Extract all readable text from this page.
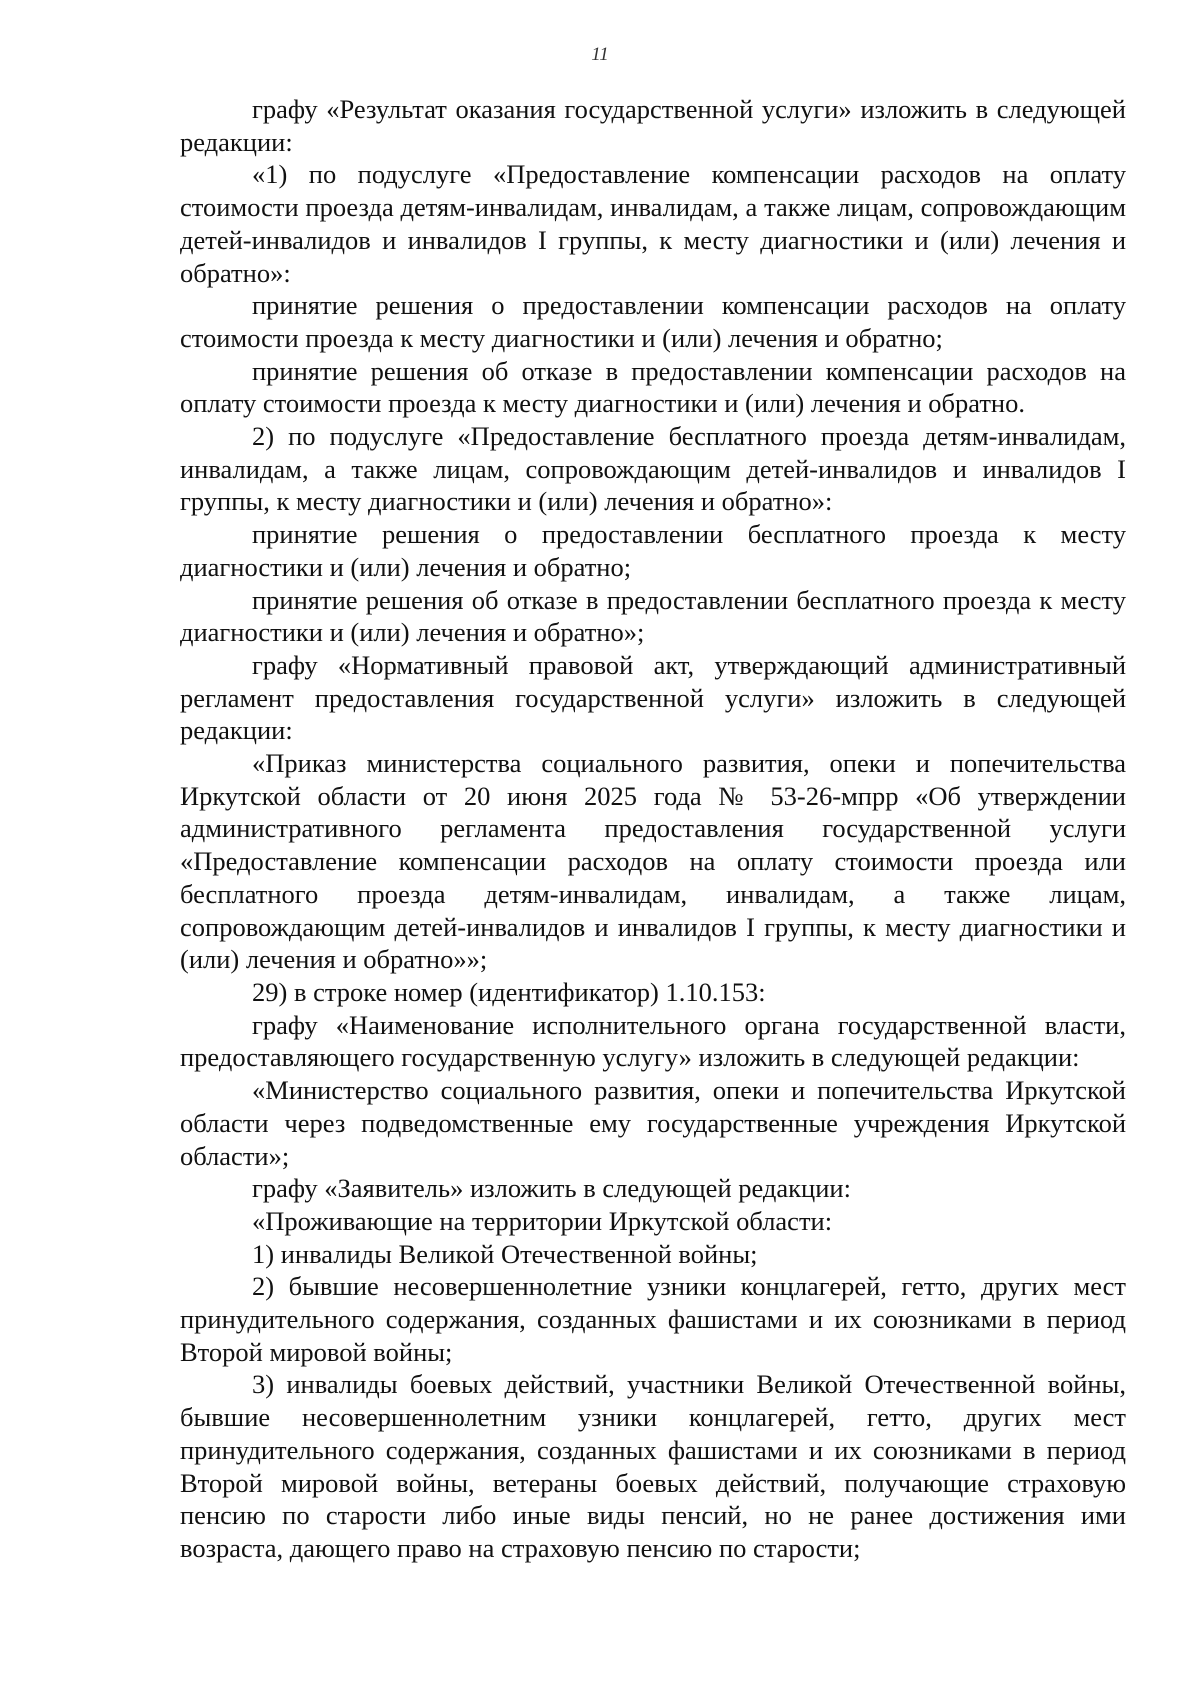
11

графу «Результат оказания государственной услуги» изложить в следующей редакции:

«1) по подуслуге «Предоставление компенсации расходов на оплату стоимости проезда детям-инвалидам, инвалидам, а также лицам, сопровождающим детей-инвалидов и инвалидов I группы, к месту диагностики и (или) лечения и обратно»:

принятие решения о предоставлении компенсации расходов на оплату стоимости проезда к месту диагностики и (или) лечения и обратно;

принятие решения об отказе в предоставлении компенсации расходов на оплату стоимости проезда к месту диагностики и (или) лечения и обратно.

2) по подуслуге «Предоставление бесплатного проезда детям-инвалидам, инвалидам, а также лицам, сопровождающим детей-инвалидов и инвалидов I группы, к месту диагностики и (или) лечения и обратно»:

принятие решения о предоставлении бесплатного проезда к месту диагностики и (или) лечения и обратно;

принятие решения об отказе в предоставлении бесплатного проезда к месту диагностики и (или) лечения и обратно»;

графу «Нормативный правовой акт, утверждающий административный регламент предоставления государственной услуги» изложить в следующей редакции:

«Приказ министерства социального развития, опеки и попечительства Иркутской области от 20 июня 2025 года № 53-26-мпрр «Об утверждении административного регламента предоставления государственной услуги «Предоставление компенсации расходов на оплату стоимости проезда или бесплатного проезда детям-инвалидам, инвалидам, а также лицам, сопровождающим детей-инвалидов и инвалидов I группы, к месту диагностики и (или) лечения и обратно»»;

29) в строке номер (идентификатор) 1.10.153:

графу «Наименование исполнительного органа государственной власти, предоставляющего государственную услугу» изложить в следующей редакции:

«Министерство социального развития, опеки и попечительства Иркутской области через подведомственные ему государственные учреждения Иркутской области»;

графу «Заявитель» изложить в следующей редакции:

«Проживающие на территории Иркутской области:

1) инвалиды Великой Отечественной войны;

2) бывшие несовершеннолетние узники концлагерей, гетто, других мест принудительного содержания, созданных фашистами и их союзниками в период Второй мировой войны;

3) инвалиды боевых действий, участники Великой Отечественной войны, бывшие несовершеннолетним узники концлагерей, гетто, других мест принудительного содержания, созданных фашистами и их союзниками в период Второй мировой войны, ветераны боевых действий, получающие страховую пенсию по старости либо иные виды пенсий, но не ранее достижения ими возраста, дающего право на страховую пенсию по старости;
